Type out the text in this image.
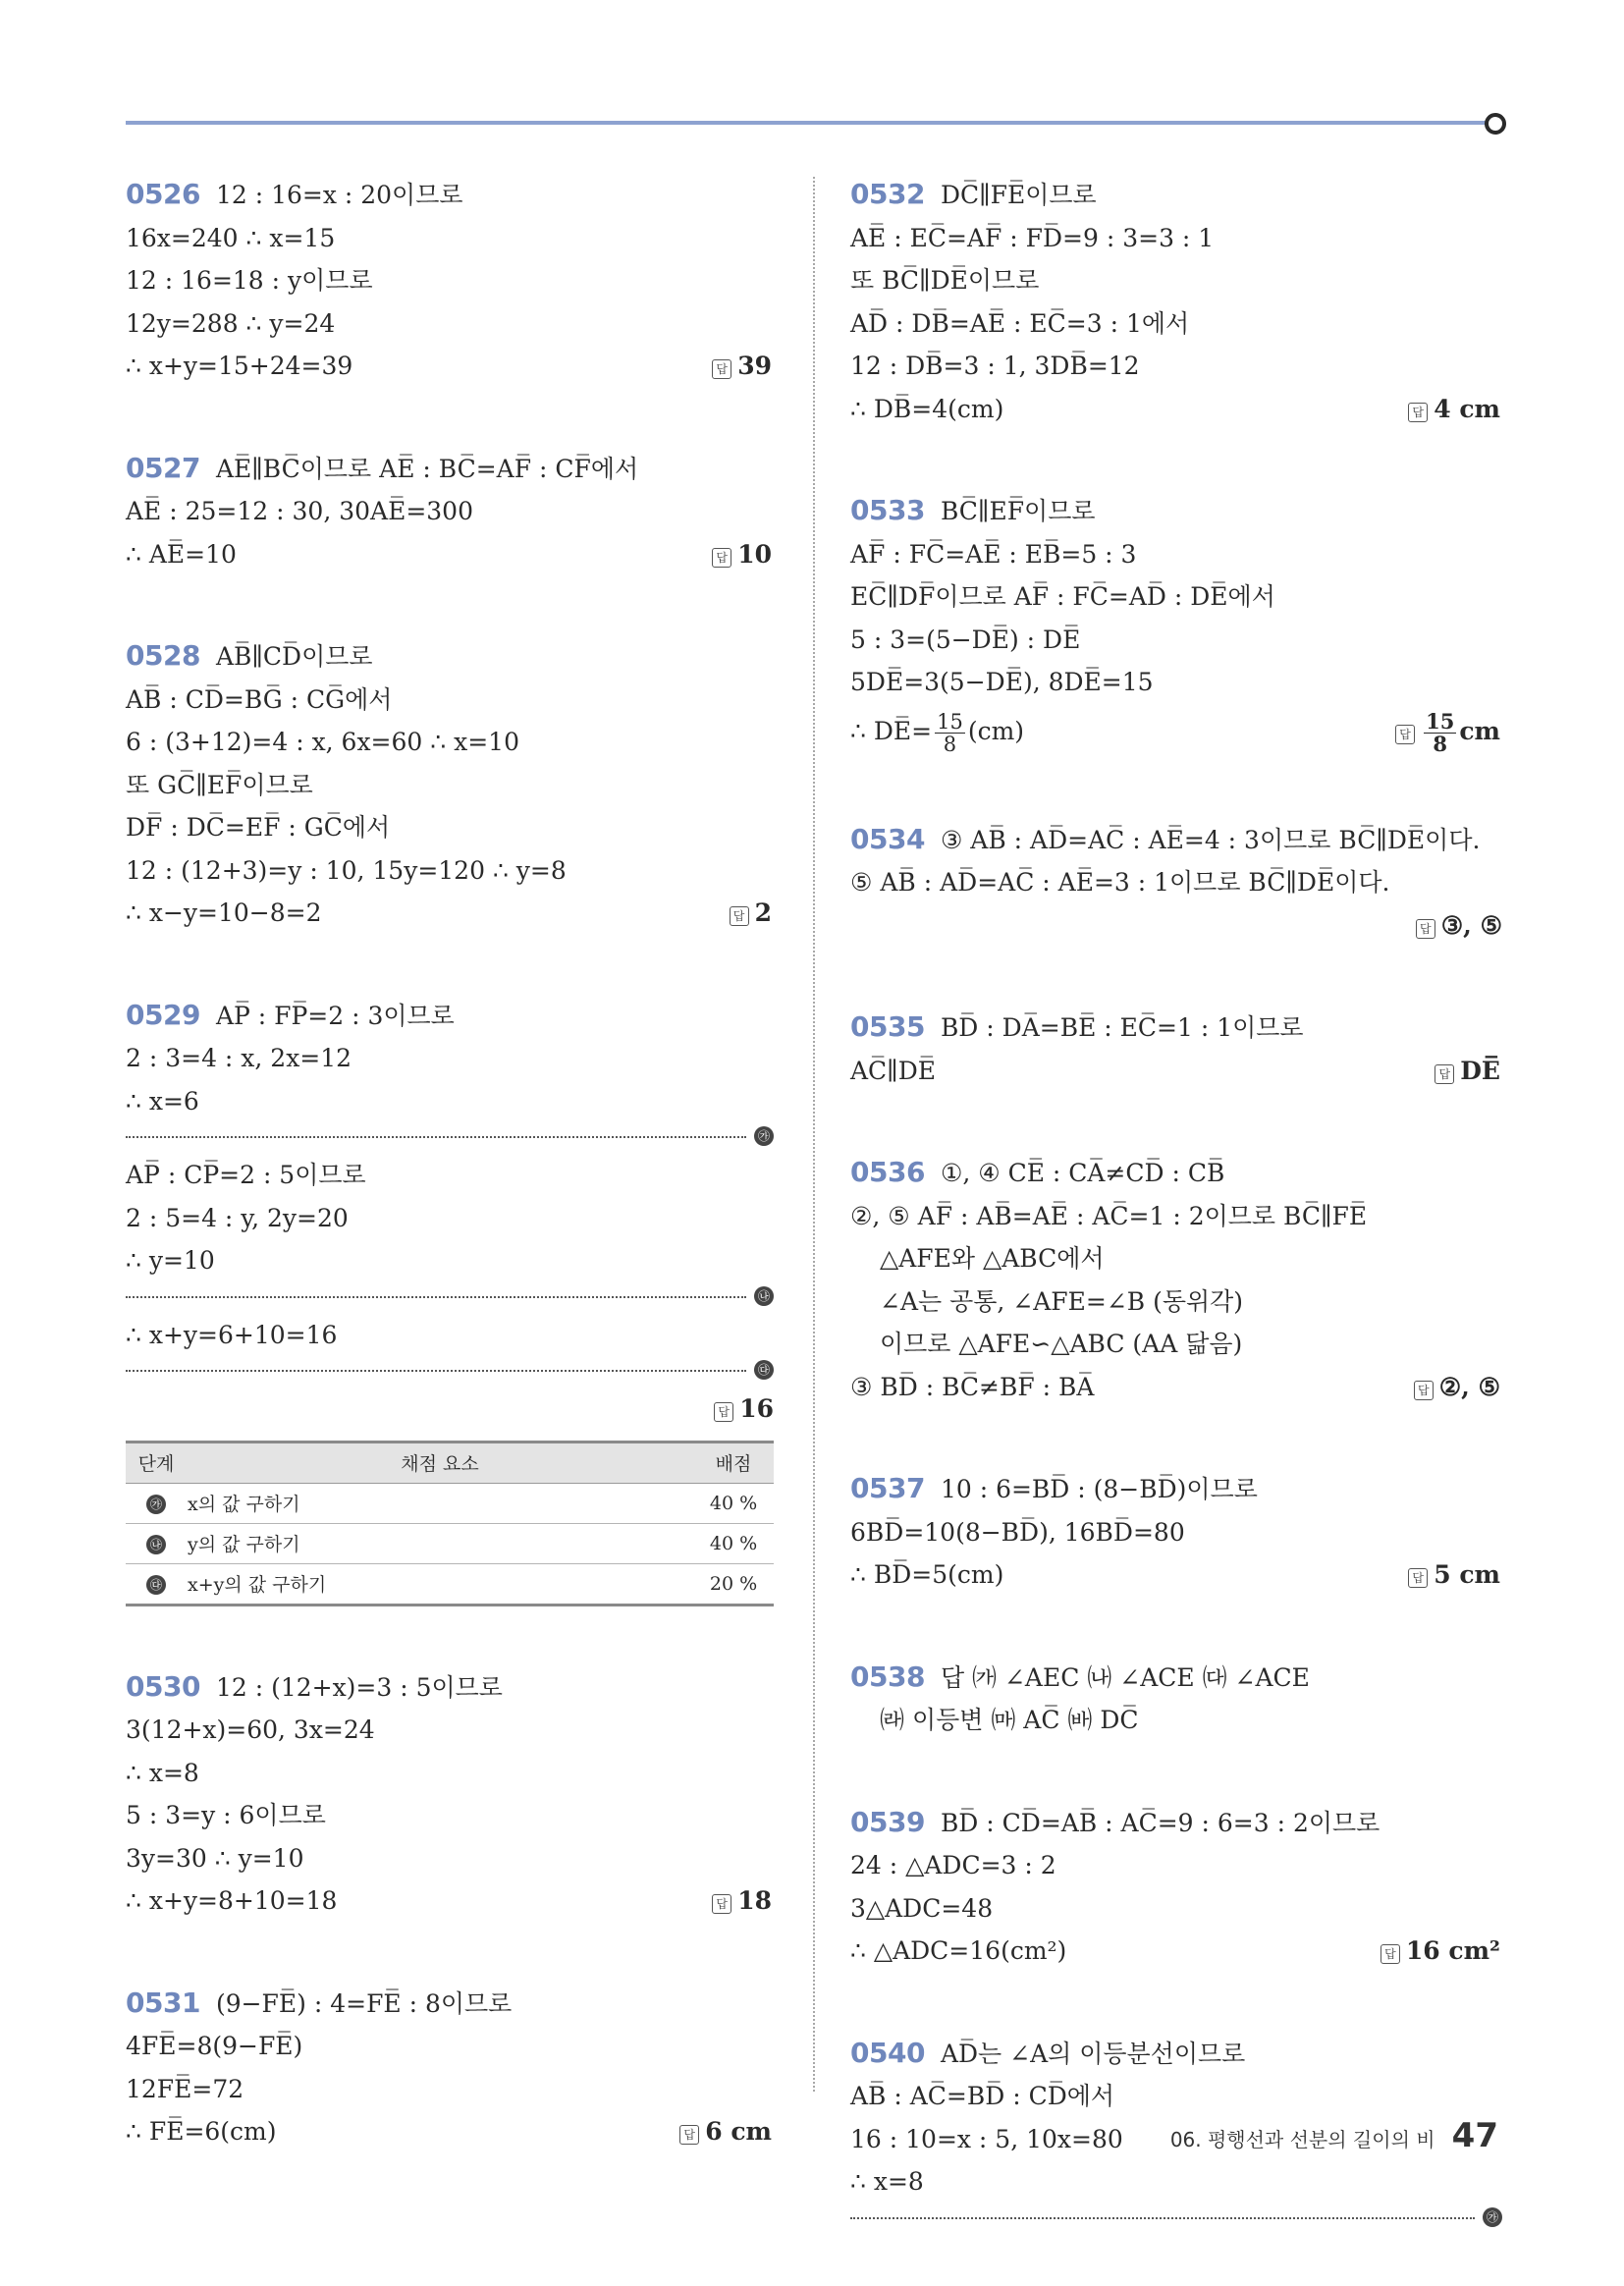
0526 12 : 16=x : 20이므로
16x=240 ∴ x=15
12 : 16=18 : y이므로
12y=288 ∴ y=24
∴ x+y=15+24=39	답 39
0527 AE̅∥BC̅이므로 AE̅ : BC̅=AF̅ : CF̅에서
AE̅ : 25=12 : 30, 30AE̅=300
∴ AE̅=10	답 10
0528 AB̅∥CD̅이므로
AB̅ : CD̅=BG̅ : CG̅에서
6 : (3+12)=4 : x, 6x=60 ∴ x=10
또 GC̅∥EF̅이므로
DF̅ : DC̅=EF̅ : GC̅에서
12 : (12+3)=y : 10, 15y=120 ∴ y=8
∴ x−y=10−8=2	답 2
0529 AP̅ : FP̅=2 : 3이므로
2 : 3=4 : x, 2x=12
∴ x=6
㉮
AP̅ : CP̅=2 : 5이므로
2 : 5=4 : y, 2y=20
∴ y=10
㉯
∴ x+y=6+10=16
㉰
답 16
단계	채점 요소	배점
㉮	x의 값 구하기	40 %
㉯	y의 값 구하기	40 %
㉰	x+y의 값 구하기	20 %
0530 12 : (12+x)=3 : 5이므로
3(12+x)=60, 3x=24
∴ x=8
5 : 3=y : 6이므로
3y=30 ∴ y=10
∴ x+y=8+10=18	답 18
0531 (9−FE̅) : 4=FE̅ : 8이므로
4FE̅=8(9−FE̅)
12FE̅=72
∴ FE̅=6(cm)	답 6 cm
0532 DC̅∥FE̅이므로
AE̅ : EC̅=AF̅ : FD̅=9 : 3=3 : 1
또 BC̅∥DE̅이므로
AD̅ : DB̅=AE̅ : EC̅=3 : 1에서
12 : DB̅=3 : 1, 3DB̅=12
∴ DB̅=4(cm)	답 4 cm
0533 BC̅∥EF̅이므로
AF̅ : FC̅=AE̅ : EB̅=5 : 3
EC̅∥DF̅이므로 AF̅ : FC̅=AD̅ : DE̅에서
5 : 3=(5−DE̅) : DE̅
5DE̅=3(5−DE̅), 8DE̅=15
∴ DE̅= $\frac{15}{8} (cm)$	답 $\frac{15}{8}$ cm
0534 ③ AB̅ : AD̅=AC̅ : AE̅=4 : 3이므로 BC̅∥DE̅이다.
⑤ AB̅ : AD̅=AC̅ : AE̅=3 : 1이므로 BC̅∥DE̅이다.
답 ③, ⑤
0535 BD̅ : DA̅=BE̅ : EC̅=1 : 1이므로
AC̅∥DE̅	답 DE̅
0536 ①, ④ CE̅ : CA̅≠CD̅ : CB̅
②, ⑤ AF̅ : AB̅=AE̅ : AC̅=1 : 2이므로 BC̅∥FE̅
△AFE와 △ABC에서
∠A는 공통, ∠AFE=∠B (동위각)
이므로 △AFE∽△ABC (AA 닮음)
③ BD̅ : BC̅≠BF̅ : BA̅	답 ②, ⑤
0537 10 : 6=BD̅ : (8−BD̅)이므로
6BD̅=10(8−BD̅), 16BD̅=80
∴ BD̅=5(cm)	답 5 cm
0538 답 ㈎ ∠AEC ㈏ ∠ACE ㈐ ∠ACE
㈑ 이등변 ㈒ AC̅ ㈓ DC̅
0539 BD̅ : CD̅=AB̅ : AC̅=9 : 6=3 : 2이므로
24 : △ADC=3 : 2
3△ADC=48
∴ △ADC=16(cm²)	답 16 cm²
0540 AD̅는 ∠A의 이등분선이므로
AB̅ : AC̅=BD̅ : CD̅에서
16 : 10=x : 5, 10x=80
∴ x=8
㉮
06. 평행선과 선분의 길이의 비 47
